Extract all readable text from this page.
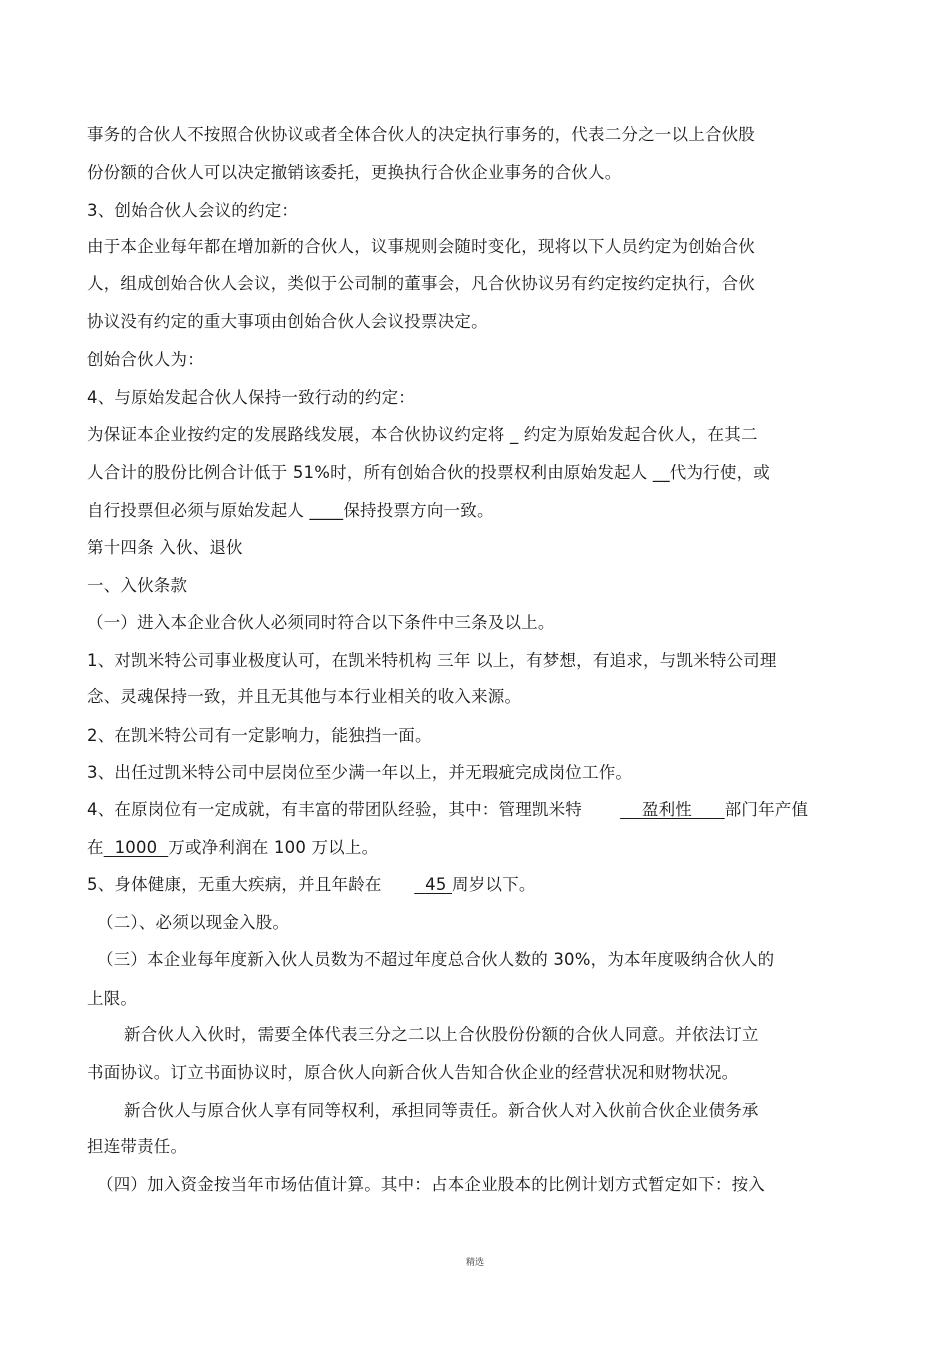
事务的合伙人不按照合伙协议或者全体合伙人的决定执行事务的，代表二分之一以上合伙股
份份额的合伙人可以决定撤销该委托，更换执行合伙企业事务的合伙人。
3、创始合伙人会议的约定：
由于本企业每年都在增加新的合伙人，议事规则会随时变化，现将以下人员约定为创始合伙
人，组成创始合伙人会议，类似于公司制的董事会，凡合伙协议另有约定按约定执行，合伙
协议没有约定的重大事项由创始合伙人会议投票决定。
创始合伙人为：
4、与原始发起合伙人保持一致行动的约定：
为保证本企业按约定的发展路线发展，本合伙协议约定将 _ 约定为原始发起合伙人，在其二
人合计的股份比例合计低于 51%时，所有创始合伙的投票权利由原始发起人 __代为行使，或
自行投票但必须与原始发起人 ____保持投票方向一致。
第十四条 入伙、退伙
一、入伙条款
（一）进入本企业合伙人必须同时符合以下条件中三条及以上。
1、对凯米特公司事业极度认可，在凯米特机构 三年 以上，有梦想，有追求，与凯米特公司理
念、灵魂保持一致，并且无其他与本行业相关的收入来源。
2、在凯米特公司有一定影响力，能独挡一面。
3、出任过凯米特公司中层岗位至少满一年以上，并无瑕疵完成岗位工作。
4、在原岗位有一定成就，有丰富的带团队经验，其中：管理凯米特	盈利性 部门年产值
在 1000 万或净利润在 100 万以上。
5、身体健康，无重大疾病，并且年龄在	45 周岁以下。
（二）、必须以现金入股。
（三）本企业每年度新入伙人员数为不超过年度总合伙人数的 30%，为本年度吸纳合伙人的
上限。
新合伙人入伙时，需要全体代表三分之二以上合伙股份份额的合伙人同意。并依法订立
书面协议。订立书面协议时，原合伙人向新合伙人告知合伙企业的经营状况和财物状况。
新合伙人与原合伙人享有同等权利，承担同等责任。新合伙人对入伙前合伙企业债务承
担连带责任。
（四）加入资金按当年市场估值计算。其中：占本企业股本的比例计划方式暂定如下：按入
精选
